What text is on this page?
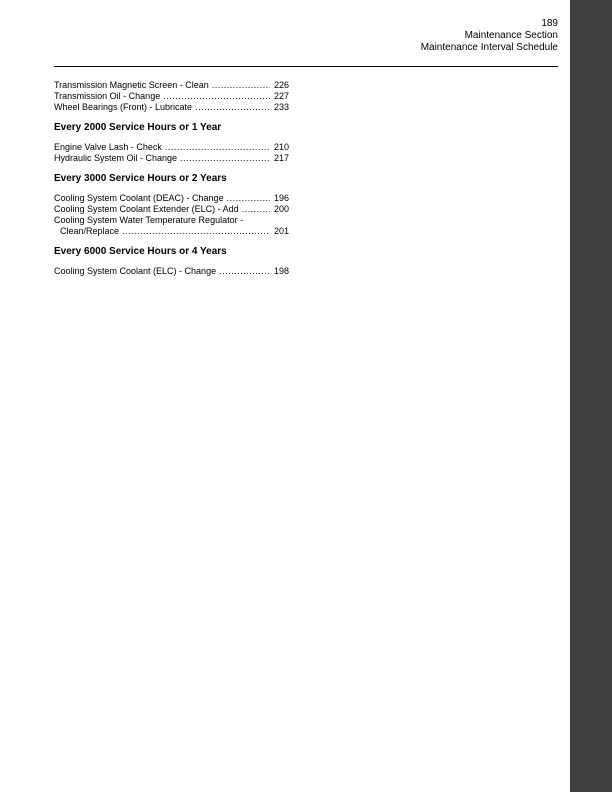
189
Maintenance Section
Maintenance Interval Schedule
Transmission Magnetic Screen - Clean .....	226
Transmission Oil - Change .....	227
Wheel Bearings (Front) - Lubricate .....	233
Every 2000 Service Hours or 1 Year
Engine Valve Lash - Check .....	210
Hydraulic System Oil - Change .....	217
Every 3000 Service Hours or 2 Years
Cooling System Coolant (DEAC) - Change .....	196
Cooling System Coolant Extender (ELC) - Add .....	200
Cooling System Water Temperature Regulator -
Clean/Replace .....	201
Every 6000 Service Hours or 4 Years
Cooling System Coolant (ELC) - Change .....	198
